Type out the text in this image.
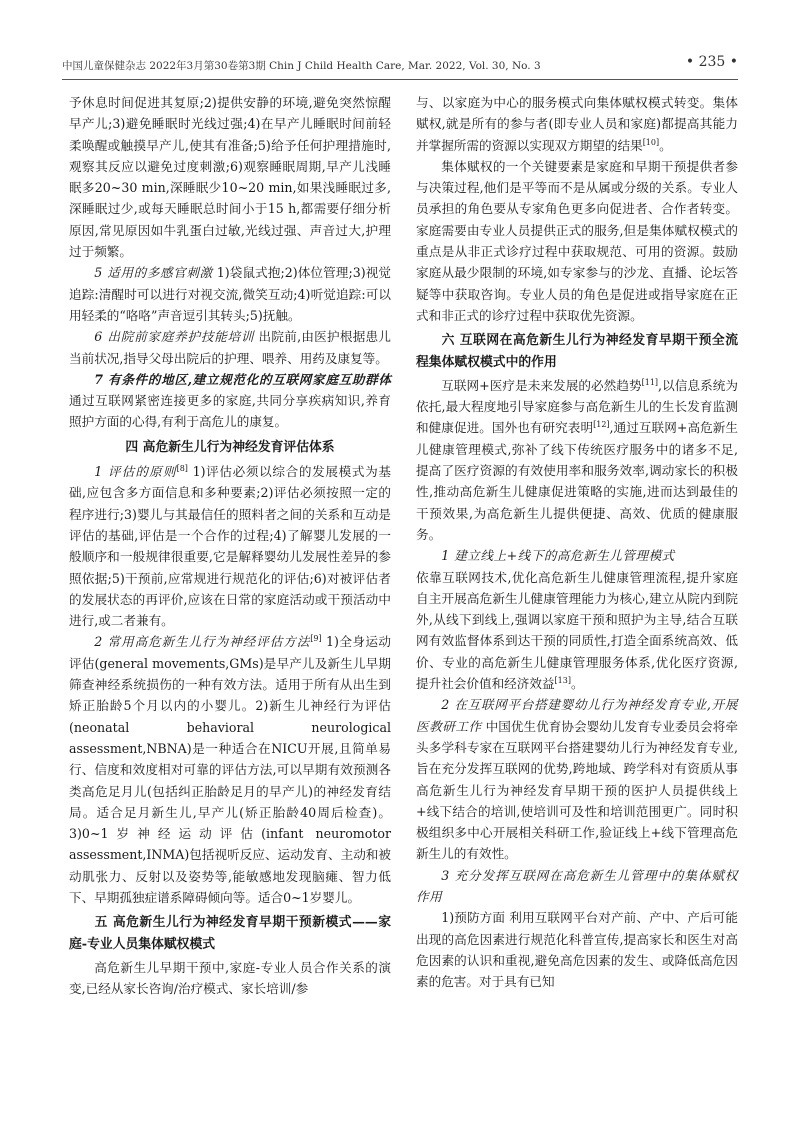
中国儿童保健杂志 2022年3月第30卷第3期 Chin J Child Health Care, Mar. 2022, Vol. 30, No. 3	• 235 •

予休息时间促进其复原;2)提供安静的环境,避免突然惊醒早产儿;3)避免睡眠时光线过强;4)在早产儿睡眠时间前轻柔唤醒或触摸早产儿,使其有准备;5)给予任何护理措施时,观察其反应以避免过度刺激;6)观察睡眠周期,早产儿浅睡眠多20~30 min,深睡眠少10~20 min,如果浅睡眠过多,深睡眠过少,或每天睡眠总时间小于15 h,都需要仔细分析原因,常见原因如牛乳蛋白过敏,光线过强、声音过大,护理过于频繁。

5 适用的多感官刺激 1)袋鼠式抱;2)体位管理;3)视觉追踪:清醒时可以进行对视交流,微笑互动;4)听觉追踪:可以用轻柔的“咯咯”声音逗引其转头;5)抚触。

6 出院前家庭养护技能培训 出院前,由医护根据患儿当前状况,指导父母出院后的护理、喂养、用药及康复等。

7 有条件的地区,建立规范化的互联网家庭互助群体 通过互联网紧密连接更多的家庭,共同分享疾病知识,养育照护方面的心得,有利于高危儿的康复。

四 高危新生儿行为神经发育评估体系

1 评估的原则[8] 1)评估必须以综合的发展模式为基础,应包含多方面信息和多种要素;2)评估必须按照一定的程序进行;3)婴儿与其最信任的照料者之间的关系和互动是评估的基础,评估是一个合作的过程;4)了解婴儿发展的一般顺序和一般规律很重要,它是解释婴幼儿发展性差异的参照依据;5)干预前,应常规进行规范化的评估;6)对被评估者的发展状态的再评价,应该在日常的家庭活动或干预活动中进行,或二者兼有。

2 常用高危新生儿行为神经评估方法[9] 1)全身运动评估(general movements,GMs)是早产儿及新生儿早期筛查神经系统损伤的一种有效方法。适用于所有从出生到矫正胎龄5个月以内的小婴儿。2)新生儿神经行为评估(neonatal behavioral neurological assessment,NBNA)是一种适合在NICU开展,且简单易行、信度和效度相对可靠的评估方法,可以早期有效预测各类高危足月儿(包括纠正胎龄足月的早产儿)的神经发育结局。适合足月新生儿,早产儿(矫正胎龄40周后检查)。3)0~1岁神经运动评估(infant neuromotor assessment,INMA)包括视听反应、运动发育、主动和被动肌张力、反射以及姿势等,能敏感地发现脑瘫、智力低下、早期孤独症谱系障碍倾向等。适合0~1岁婴儿。

五 高危新生儿行为神经发育早期干预新模式——家庭-专业人员集体赋权模式

高危新生儿早期干预中,家庭-专业人员合作关系的演变,已经从家长咨询/治疗模式、家长培训/参

与、以家庭为中心的服务模式向集体赋权模式转变。集体赋权,就是所有的参与者(即专业人员和家庭)都提高其能力并掌握所需的资源以实现双方期望的结果[10]。

集体赋权的一个关键要素是家庭和早期干预提供者参与决策过程,他们是平等而不是从属或分级的关系。专业人员承担的角色要从专家角色更多向促进者、合作者转变。家庭需要由专业人员提供正式的服务,但是集体赋权模式的重点是从非正式诊疗过程中获取规范、可用的资源。鼓励家庭从最少限制的环境,如专家参与的沙龙、直播、论坛答疑等中获取咨询。专业人员的角色是促进或指导家庭在正式和非正式的诊疗过程中获取优先资源。

六 互联网在高危新生儿行为神经发育早期干预全流程集体赋权模式中的作用

互联网+医疗是未来发展的必然趋势[11],以信息系统为依托,最大程度地引导家庭参与高危新生儿的生长发育监测和健康促进。国外也有研究表明[12],通过互联网+高危新生儿健康管理模式,弥补了线下传统医疗服务中的诸多不足,提高了医疗资源的有效使用率和服务效率,调动家长的积极性,推动高危新生儿健康促进策略的实施,进而达到最佳的干预效果,为高危新生儿提供便捷、高效、优质的健康服务。

1 建立线上+线下的高危新生儿管理模式

依靠互联网技术,优化高危新生儿健康管理流程,提升家庭自主开展高危新生儿健康管理能力为核心,建立从院内到院外,从线下到线上,强调以家庭干预和照护为主导,结合互联网有效监督体系到达干预的同质性,打造全面系统高效、低价、专业的高危新生儿健康管理服务体系,优化医疗资源,提升社会价值和经济效益[13]。

2 在互联网平台搭建婴幼儿行为神经发育专业,开展医教研工作 中国优生优育协会婴幼儿发育专业委员会将牵头多学科专家在互联网平台搭建婴幼儿行为神经发育专业,旨在充分发挥互联网的优势,跨地域、跨学科对有资质从事高危新生儿行为神经发育早期干预的医护人员提供线上+线下结合的培训,使培训可及性和培训范围更广。同时积极组织多中心开展相关科研工作,验证线上+线下管理高危新生儿的有效性。

3 充分发挥互联网在高危新生儿管理中的集体赋权作用

1)预防方面 利用互联网平台对产前、产中、产后可能出现的高危因素进行规范化科普宣传,提高家长和医生对高危因素的认识和重视,避免高危因素的发生、或降低高危因素的危害。对于具有已知
